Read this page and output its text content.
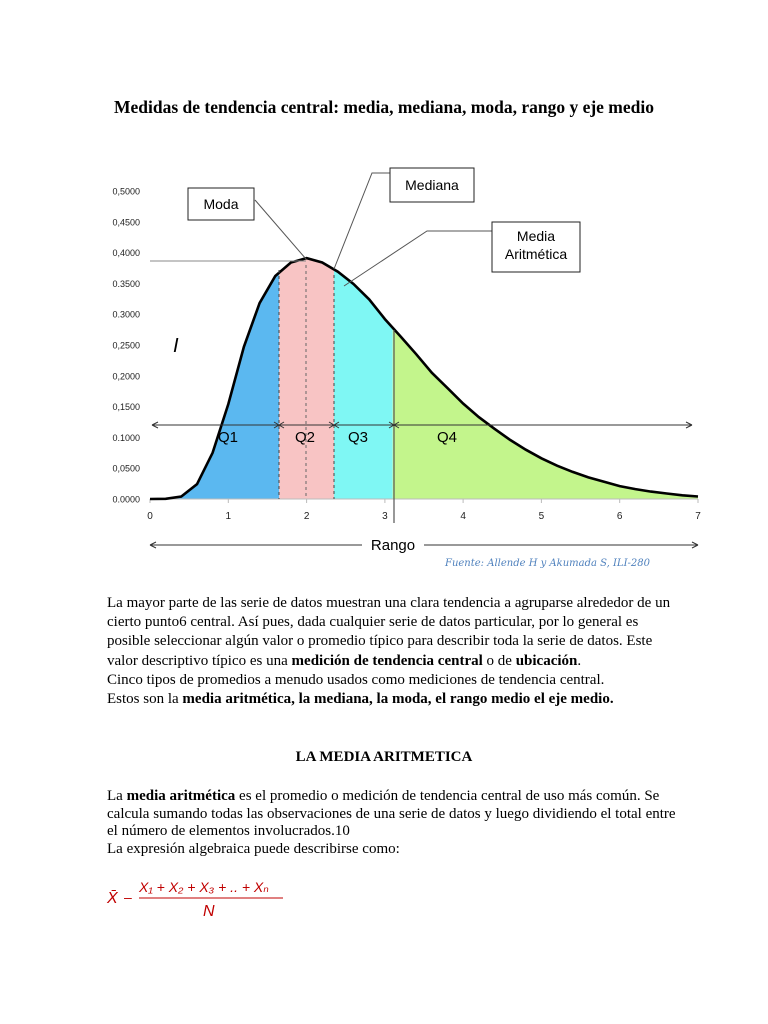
Medidas de tendencia central: media, mediana, moda, rango y eje medio
0,5000
0,4500
0,4000
0.3500
0.3000
0,2500
0,2000
0,1500
0.1000
0,0500
0.0000
0	1	2	3	4	5	6	7
Q1	Q2 Q3	Q4
Rango
I
Moda
Mediana
Media
Aritmética
Fuente: Allende H y Akumada S, ILI-280

La mayor parte de las serie de datos muestran una clara tendencia a agruparse alrededor de un cierto punto6 central. Así pues, dada cualquier serie de datos particular, por lo general es posible seleccionar algún valor o promedio típico para describir toda la serie de datos. Este valor descriptivo típico es una medición de tendencia central o de ubicación.

Cinco tipos de promedios a menudo usados como mediciones de tendencia central.

Estos son la media aritmética, la mediana, la moda, el rango medio el eje medio.

LA MEDIA ARITMETICA

La media aritmética es el promedio o medición de tendencia central de uso más común. Se calcula sumando todas las observaciones de una serie de datos y luego dividiendo el total entre el número de elementos involucrados.10

La expresión algebraica puede describirse como:

X̄ –
X₁ + X₂ + X₃ + .. + Xₙ
N
